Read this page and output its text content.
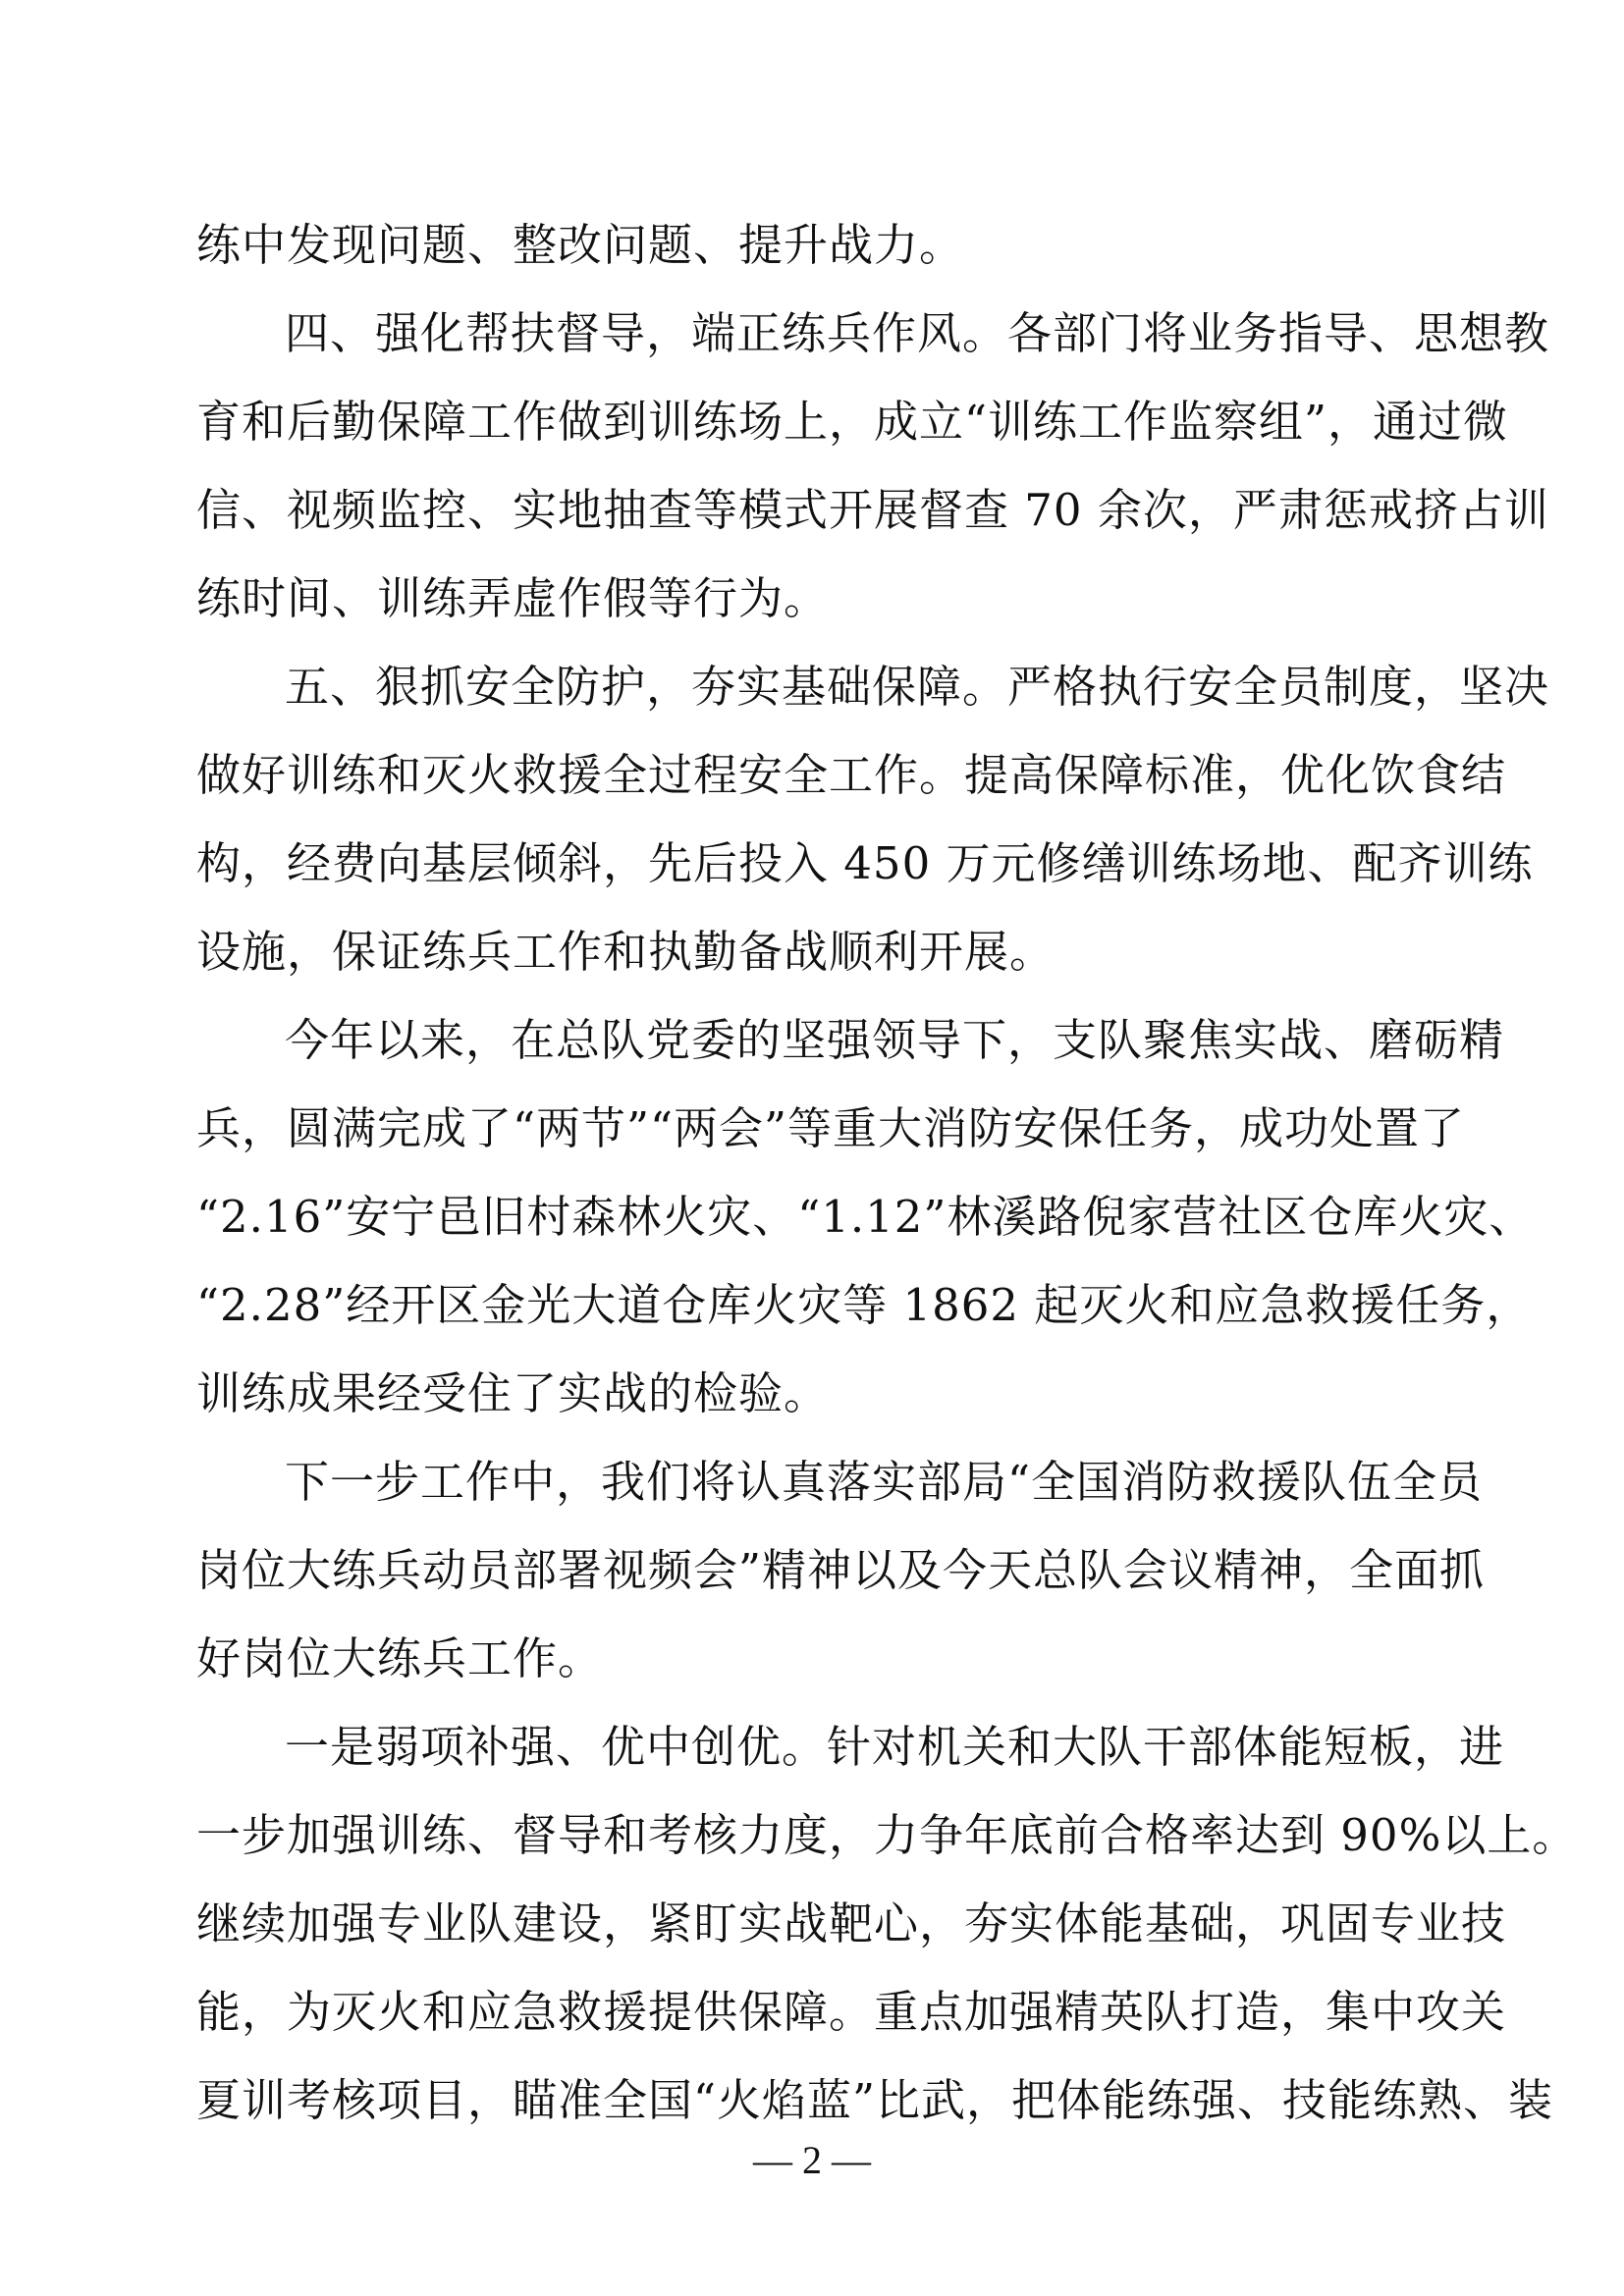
练中发现问题、整改问题、提升战力。
四、强化帮扶督导，端正练兵作风。各部门将业务指导、思想教
育和后勤保障工作做到训练场上，成立“训练工作监察组”，通过微
信、视频监控、实地抽查等模式开展督查 70 余次，严肃惩戒挤占训
练时间、训练弄虚作假等行为。
五、狠抓安全防护，夯实基础保障。严格执行安全员制度，坚决
做好训练和灭火救援全过程安全工作。提高保障标准，优化饮食结
构，经费向基层倾斜，先后投入 450 万元修缮训练场地、配齐训练
设施，保证练兵工作和执勤备战顺利开展。
今年以来，在总队党委的坚强领导下，支队聚焦实战、磨砺精
兵，圆满完成了“两节”“两会”等重大消防安保任务，成功处置了
“2.16”安宁邑旧村森林火灾、“1.12”林溪路倪家营社区仓库火灾、
“2.28”经开区金光大道仓库火灾等 1862 起灭火和应急救援任务，
训练成果经受住了实战的检验。
下一步工作中，我们将认真落实部局“全国消防救援队伍全员
岗位大练兵动员部署视频会”精神以及今天总队会议精神，全面抓
好岗位大练兵工作。
一是弱项补强、优中创优。针对机关和大队干部体能短板，进
一步加强训练、督导和考核力度，力争年底前合格率达到 90%以上。
继续加强专业队建设，紧盯实战靶心，夯实体能基础，巩固专业技
能，为灭火和应急救援提供保障。重点加强精英队打造，集中攻关
夏训考核项目，瞄准全国“火焰蓝”比武，把体能练强、技能练熟、装
— 2 —
